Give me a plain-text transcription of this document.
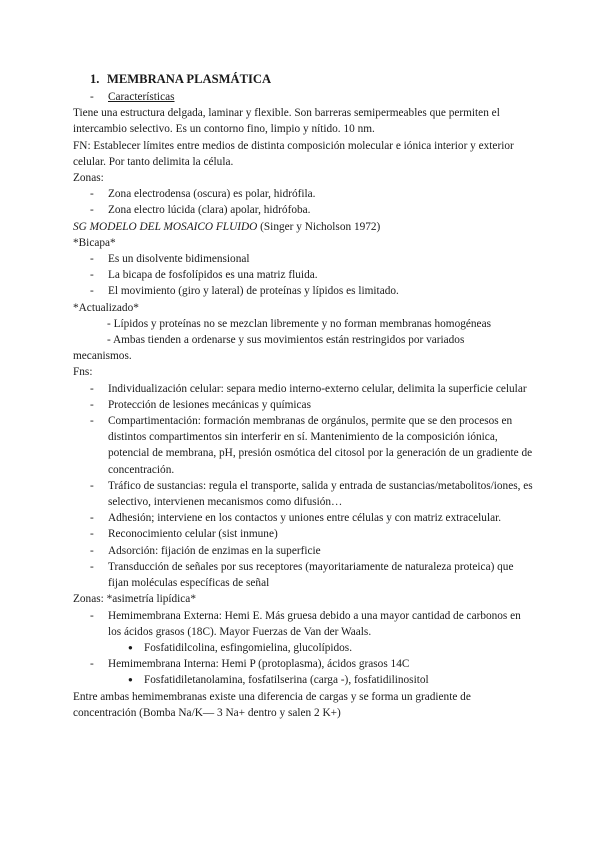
1. MEMBRANA PLASMÁTICA
- Características

Tiene una estructura delgada, laminar y flexible. Son barreras semipermeables que permiten el intercambio selectivo. Es un contorno fino, limpio y nítido. 10 nm.

FN: Establecer límites entre medios de distinta composición molecular e iónica interior y exterior celular. Por tanto delimita la célula.

Zonas:

- Zona electrodensa (oscura) es polar, hidrófila.
- Zona electro lúcida (clara) apolar, hidrófoba.

SG MODELO DEL MOSAICO FLUIDO (Singer y Nicholson 1972)

*Bicapa*

- Es un disolvente bidimensional
- La bicapa de fosfolípidos es una matriz fluida.
- El movimiento (giro y lateral) de proteínas y lípidos es limitado.

*Actualizado*

- Lípidos y proteínas no se mezclan libremente y no forman membranas homogéneas

- Ambas tienden a ordenarse y sus movimientos están restringidos por variados

mecanismos.

Fns:

- Individualización celular: separa medio interno-externo celular, delimita la superficie celular
- Protección de lesiones mecánicas y químicas
- Compartimentación: formación membranas de orgánulos, permite que se den procesos en distintos compartimentos sin interferir en sí. Mantenimiento de la composición iónica, potencial de membrana, pH, presión osmótica del citosol por la generación de un gradiente de concentración.
- Tráfico de sustancias: regula el transporte, salida y entrada de sustancias/metabolitos/iones, es selectivo, intervienen mecanismos como difusión…
- Adhesión; interviene en los contactos y uniones entre células y con matriz extracelular.
- Reconocimiento celular (sist inmune)
- Adsorción: fijación de enzimas en la superficie
- Transducción de señales por sus receptores (mayoritariamente de naturaleza proteica) que fijan moléculas específicas de señal

Zonas: *asimetría lipídica*

- Hemimembrana Externa: Hemi E. Más gruesa debido a una mayor cantidad de carbonos en los ácidos grasos (18C). Mayor Fuerzas de Van der Waals.
● Fosfatidilcolina, esfingomielina, glucolípidos.
- Hemimembrana Interna: Hemi P (protoplasma), ácidos grasos 14C
● Fosfatidiletanolamina, fosfatilserina (carga -), fosfatidilinositol

Entre ambas hemimembranas existe una diferencia de cargas y se forma un gradiente de concentración (Bomba Na/K— 3 Na+ dentro y salen 2 K+)
